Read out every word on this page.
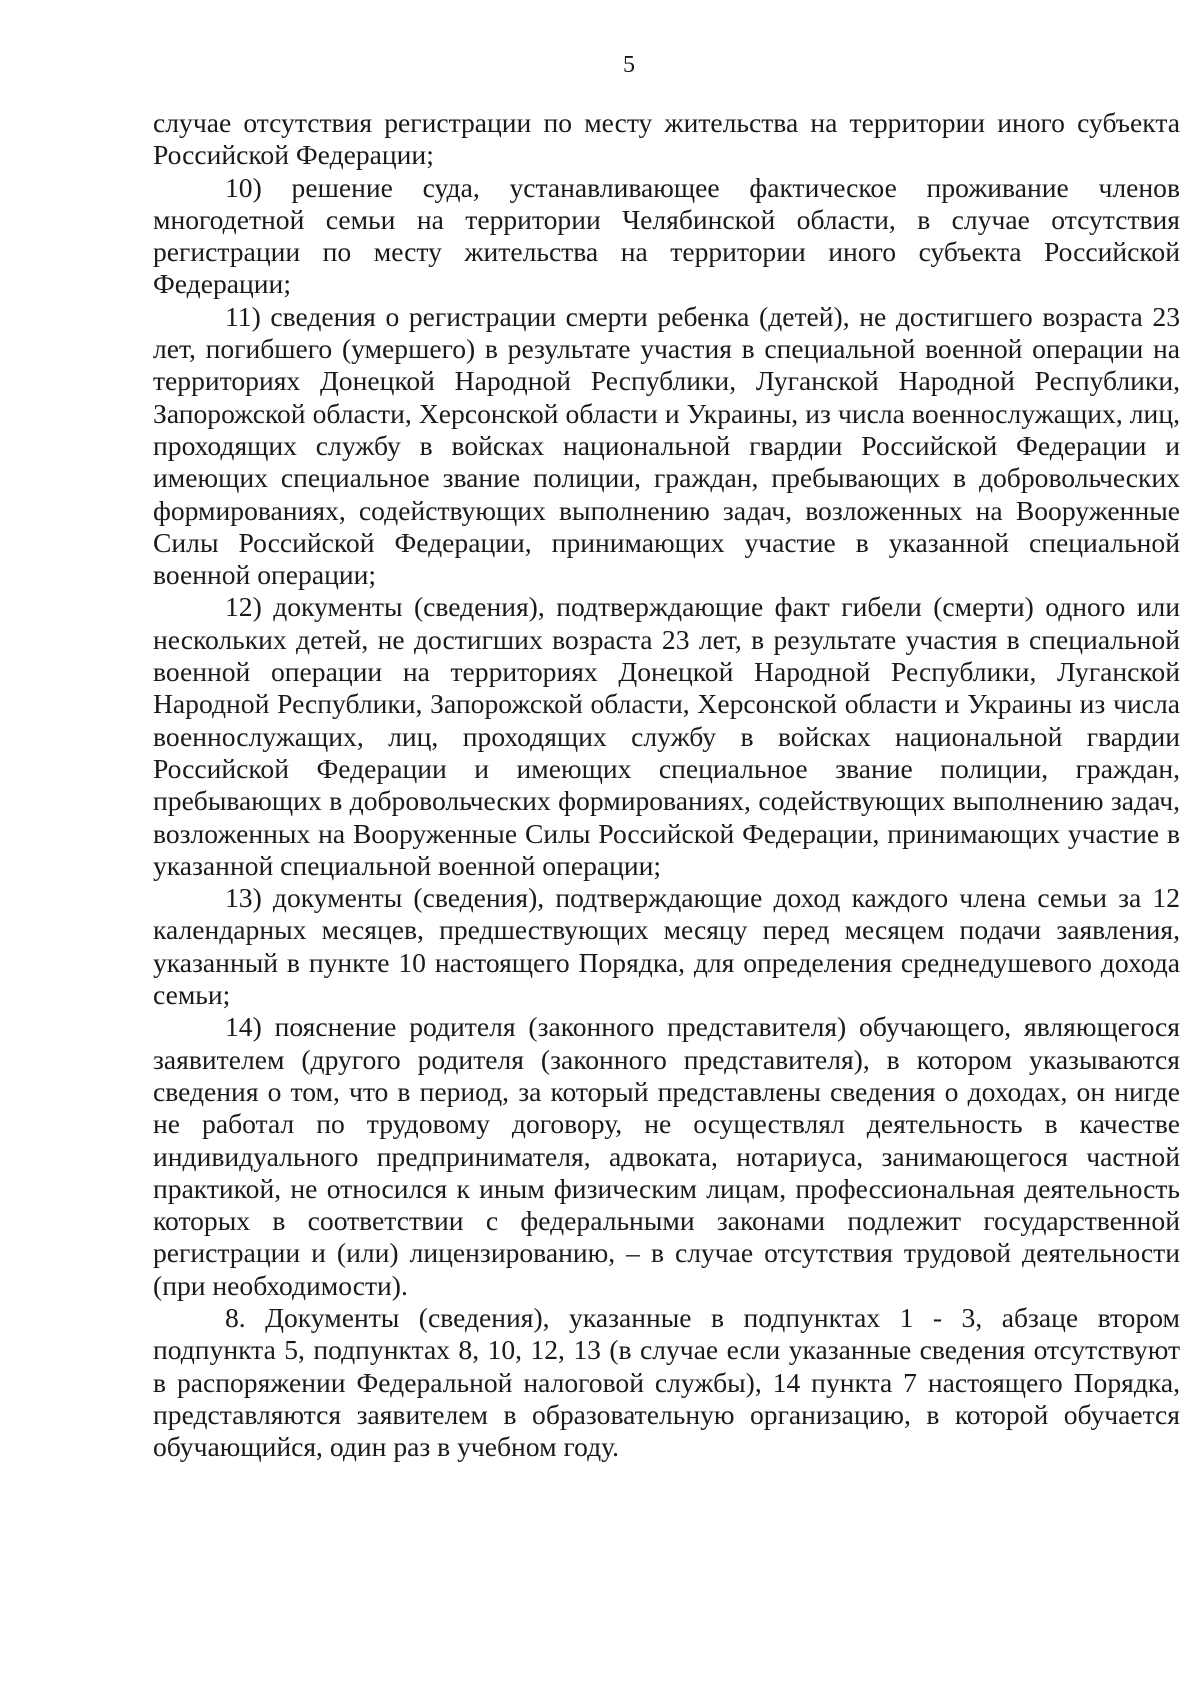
5

случае отсутствия регистрации по месту жительства на территории иного субъекта Российской Федерации;

10) решение суда, устанавливающее фактическое проживание членов многодетной семьи на территории Челябинской области, в случае отсутствия регистрации по месту жительства на территории иного субъекта Российской Федерации;

11) сведения о регистрации смерти ребенка (детей), не достигшего возраста 23 лет, погибшего (умершего) в результате участия в специальной военной операции на территориях Донецкой Народной Республики, Луганской Народной Республики, Запорожской области, Херсонской области и Украины, из числа военнослужащих, лиц, проходящих службу в войсках национальной гвардии Российской Федерации и имеющих специальное звание полиции, граждан, пребывающих в добровольческих формированиях, содействующих выполнению задач, возложенных на Вооруженные Силы Российской Федерации, принимающих участие в указанной специальной военной операции;

12) документы (сведения), подтверждающие факт гибели (смерти) одного или нескольких детей, не достигших возраста 23 лет, в результате участия в специальной военной операции на территориях Донецкой Народной Республики, Луганской Народной Республики, Запорожской области, Херсонской области и Украины из числа военнослужащих, лиц, проходящих службу в войсках национальной гвардии Российской Федерации и имеющих специальное звание полиции, граждан, пребывающих в добровольческих формированиях, содействующих выполнению задач, возложенных на Вооруженные Силы Российской Федерации, принимающих участие в указанной специальной военной операции;

13) документы (сведения), подтверждающие доход каждого члена семьи за 12 календарных месяцев, предшествующих месяцу перед месяцем подачи заявления, указанный в пункте 10 настоящего Порядка, для определения среднедушевого дохода семьи;

14) пояснение родителя (законного представителя) обучающего, являющегося заявителем (другого родителя (законного представителя), в котором указываются сведения о том, что в период, за который представлены сведения о доходах, он нигде не работал по трудовому договору, не осуществлял деятельность в качестве индивидуального предпринимателя, адвоката, нотариуса, занимающегося частной практикой, не относился к иным физическим лицам, профессиональная деятельность которых в соответствии с федеральными законами подлежит государственной регистрации и (или) лицензированию, – в случае отсутствия трудовой деятельности (при необходимости).

8. Документы (сведения), указанные в подпунктах 1 - 3, абзаце втором подпункта 5, подпунктах 8, 10, 12, 13 (в случае если указанные сведения отсутствуют в распоряжении Федеральной налоговой службы), 14 пункта 7 настоящего Порядка, представляются заявителем в образовательную организацию, в которой обучается обучающийся, один раз в учебном году.
